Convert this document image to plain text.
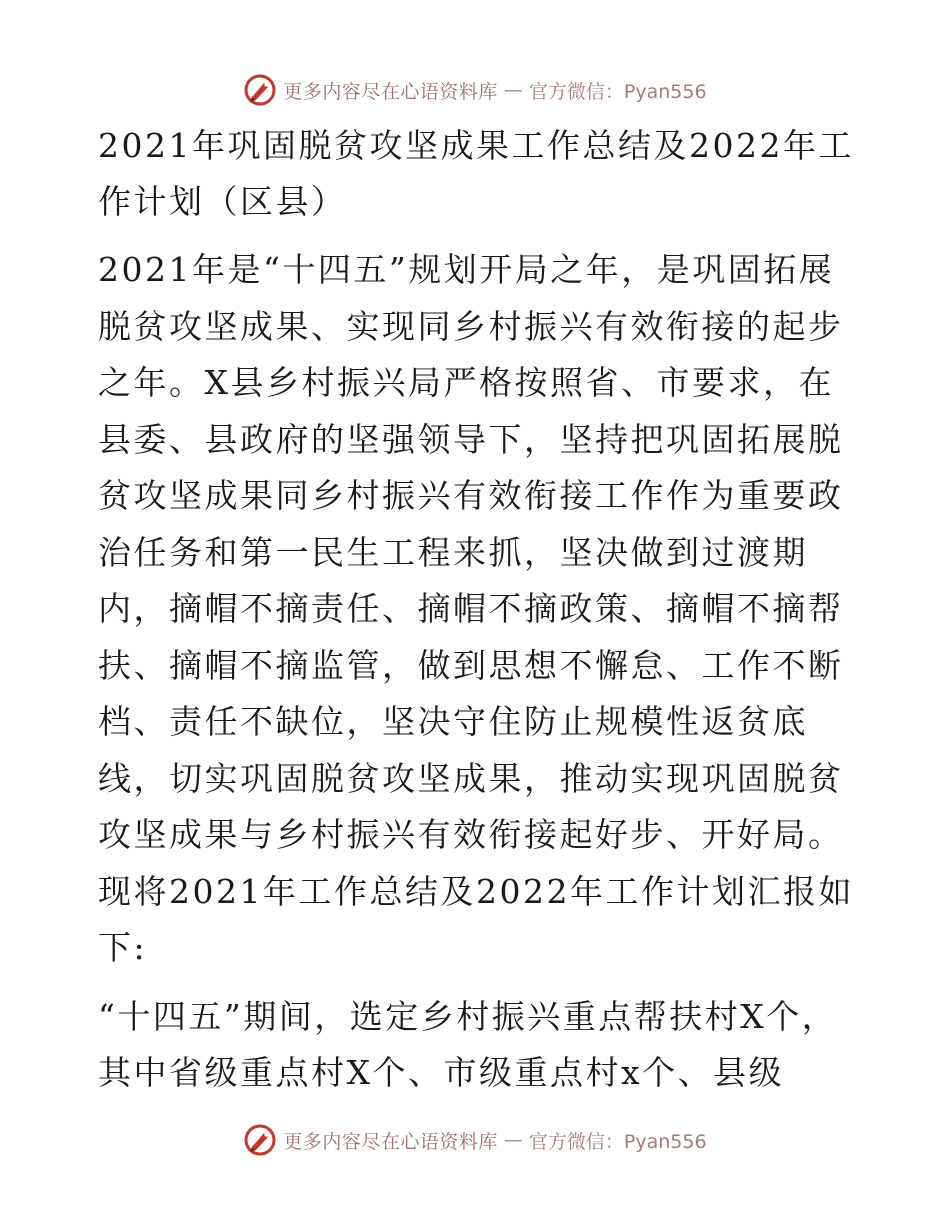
更多内容尽在心语资料库 — 官方微信：Pyan556
2021年巩固脱贫攻坚成果工作总结及2022年工作计划（区县）

2021年是“十四五”规划开局之年，是巩固拓展脱贫攻坚成果、实现同乡村振兴有效衔接的起步之年。X县乡村振兴局严格按照省、市要求，在县委、县政府的坚强领导下，坚持把巩固拓展脱贫攻坚成果同乡村振兴有效衔接工作作为重要政治任务和第一民生工程来抓，坚决做到过渡期内，摘帽不摘责任、摘帽不摘政策、摘帽不摘帮扶、摘帽不摘监管，做到思想不懈怠、工作不断档、责任不缺位，坚决守住防止规模性返贫底线，切实巩固脱贫攻坚成果，推动实现巩固脱贫攻坚成果与乡村振兴有效衔接起好步、开好局。现将2021年工作总结及2022年工作计划汇报如下:

“十四五”期间，选定乡村振兴重点帮扶村X个，其中省级重点村X个、市级重点村x个、县级

更多内容尽在心语资料库 — 官方微信：Pyan556
